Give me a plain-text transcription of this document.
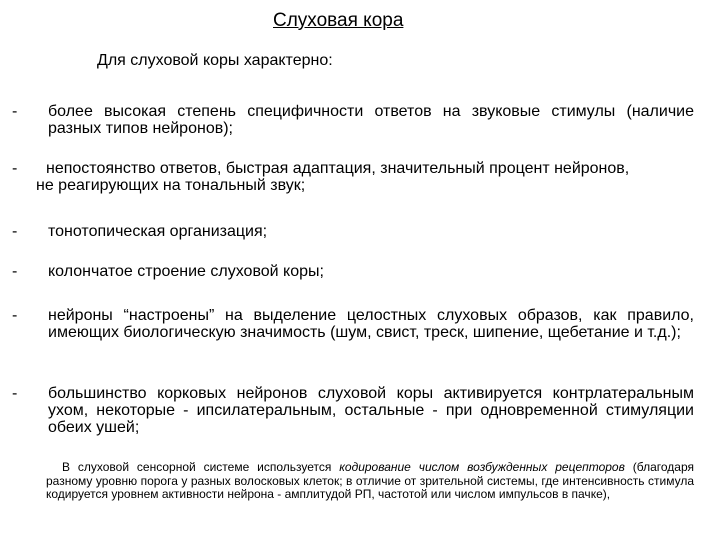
Слуховая кора
Для слуховой коры характерно:
- более высокая степень специфичности ответов на звуковые стимулы (наличие разных типов нейронов);
-	непостоянство ответов, быстрая адаптация, значительный процент нейронов,
не реагирующих на тональный звук;
- тонотопическая организация;
- колончатое строение слуховой коры;
- нейроны “настроены” на выделение целостных слуховых образов, как правило, имеющих биологическую значимость (шум, свист, треск, шипение, щебетание и т.д.);
- большинство корковых нейронов слуховой коры активируется контрлатеральным ухом, некоторые - ипсилатеральным, остальные - при одновременной стимуляции обеих ушей;
В слуховой сенсорной системе используется кодирование числом возбужденных рецепторов (благодаря разному уровню порога у разных волосковых клеток; в отличие от зрительной системы, где интенсивность стимула кодируется уровнем активности нейрона - амплитудой РП, частотой или числом импульсов в пачке),
